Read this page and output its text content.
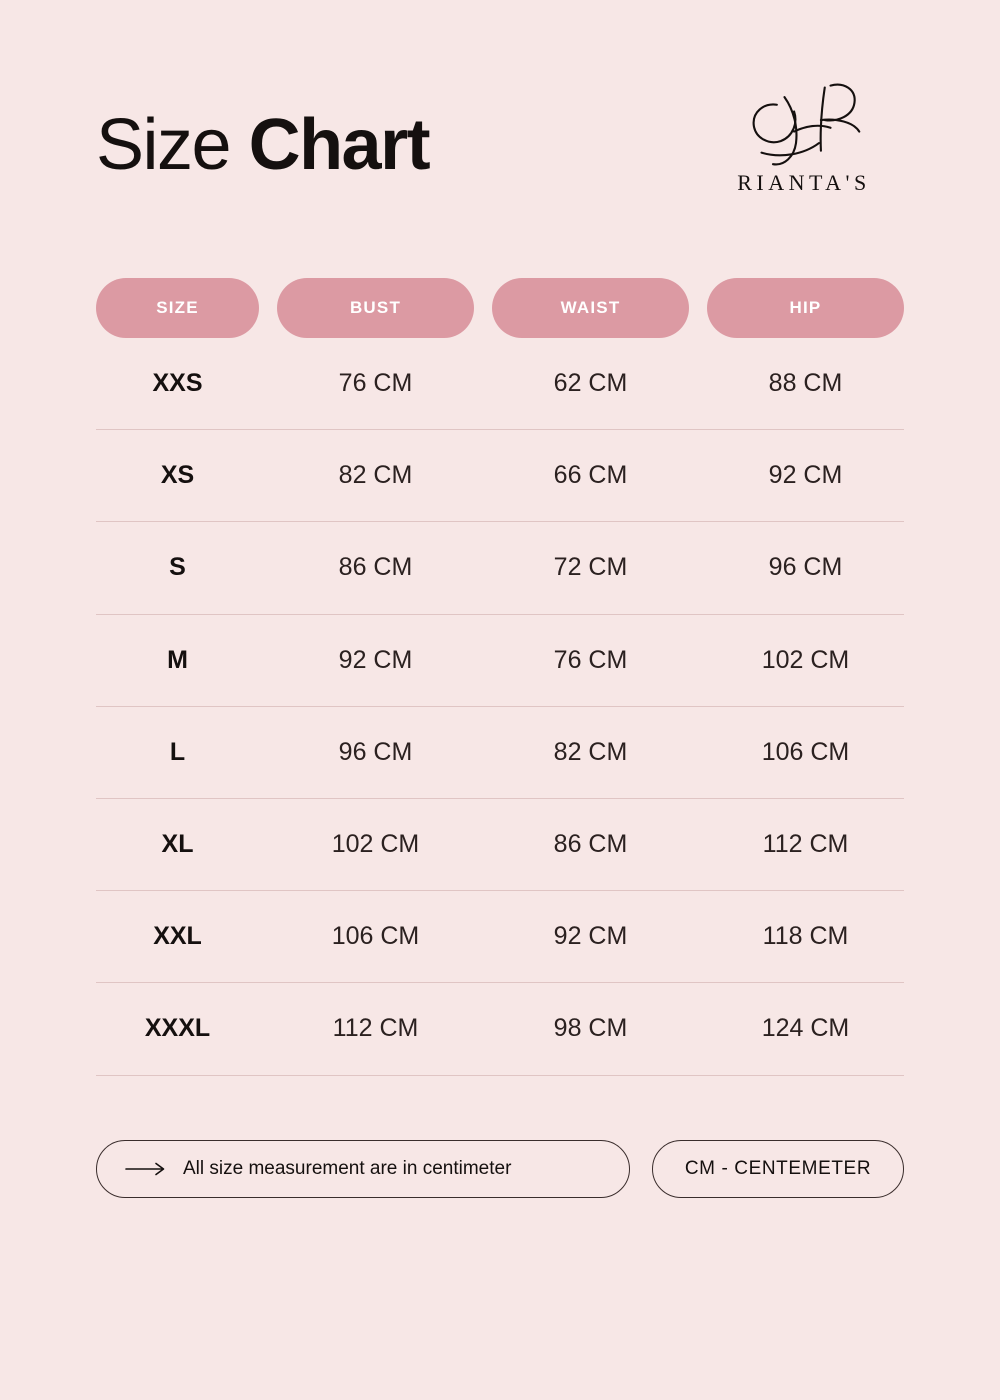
Size Chart	RIANTA'S
SIZE	BUST	WAIST	HIP
XXS	76 CM	62 CM	88 CM
XS	82 CM	66 CM	92 CM
S	86 CM	72 CM	96 CM
M	92 CM	76 CM	102 CM
L	96 CM	82 CM	106 CM
XL	102 CM	86 CM	112 CM
XXL	106 CM	92 CM	118 CM
XXXL	112 CM	98 CM	124 CM
All size measurement are in centimeter	CM - CENTEMETER
